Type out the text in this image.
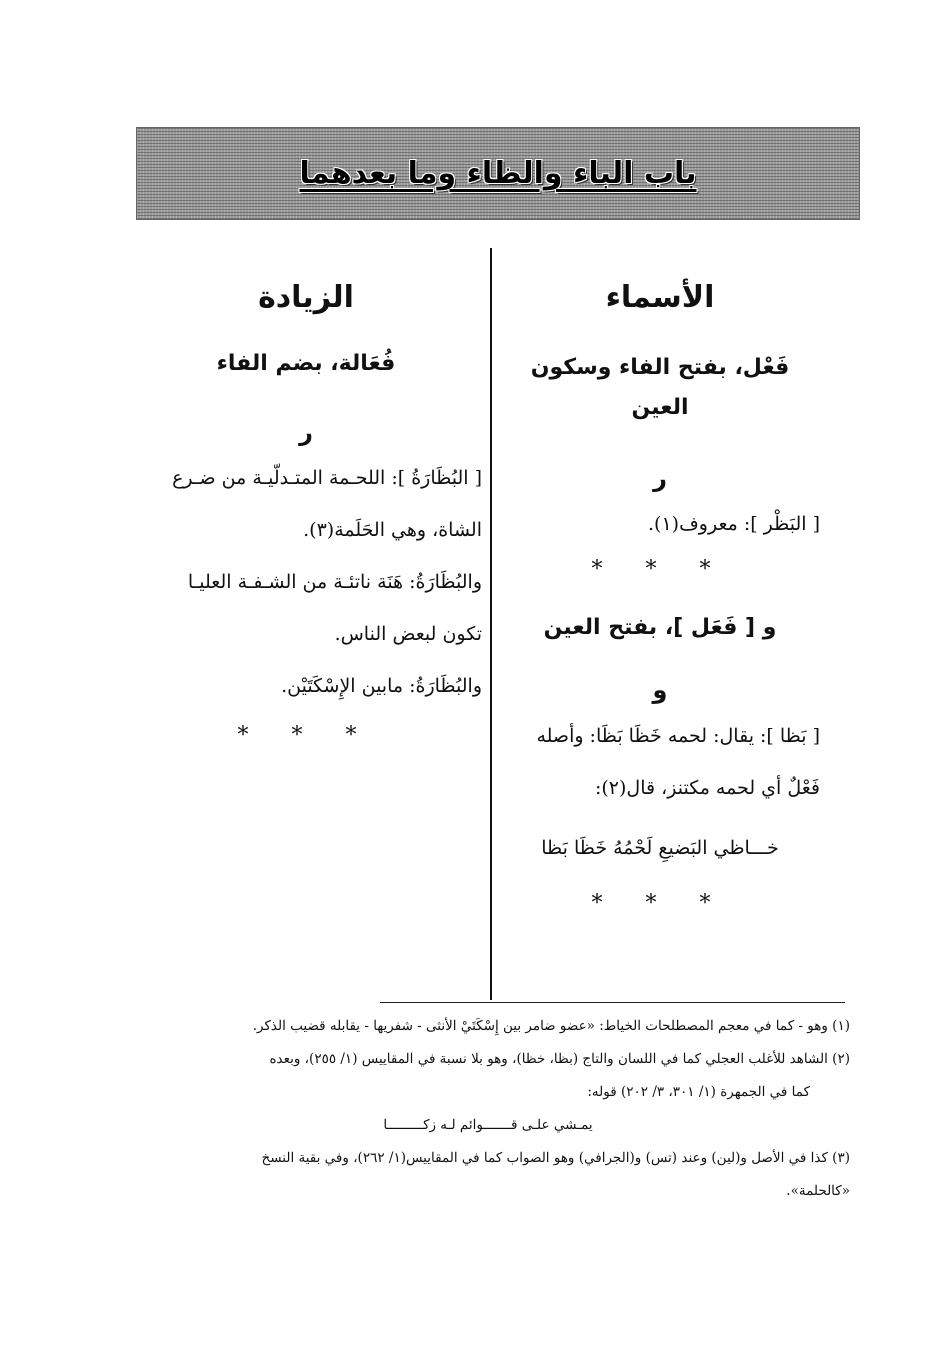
باب الباء والظاء وما بعدهما
الأسماء
فَعْل، بفتح الفاء وسكون العين
ر

[ البَظْر ]: معروف(١).

* * *
و [ فَعَل ]، بفتح العين
و

[ بَظا ]: يقال: لحمه خَظَا بَظَا: وأصله

فَعْلٌ أي لحمه مكتنز، قال(٢):

خـــاظي البَضيعِ لَحْمُهُ خَظَا بَظا

* * *
الزيادة
فُعَالة، بضم الفاء
ر

[ البُظَارَةُ ]: اللحـمة المتـدلّيـة من ضـرع

الشاة، وهي الحَلَمة(٣).

والبُظَارَةُ: هَنَة ناتئـة من الشـفـة العليـا

تكون لبعض الناس.

والبُظَارَةُ: مابين الإِسْكَتَيْن.

* * *

(١) وهو - كما في معجم المصطلحات الخياط: «عضو ضامر بين إِسْكَتَيْ الأنثى - شفريها - يقابله قضيب الذكر.

(٢) الشاهد للأغلب العجلي كما في اللسان والتاج (بظا، خظا)، وهو بلا نسبة في المقاييس (١/ ٢٥٥)، وبعده

كما في الجمهرة (١/ ٣٠١، ٣/ ٢٠٢) قوله:

يمـشي علـى قـــــــوائم لـه زكـــــــــا

(٣) كذا في الأصل و(لين) وعند (تس) و(الجرافي) وهو الصواب كما في المقاييس(١/ ٢٦٢)، وفي بقية النسخ

«كالحلمة».
